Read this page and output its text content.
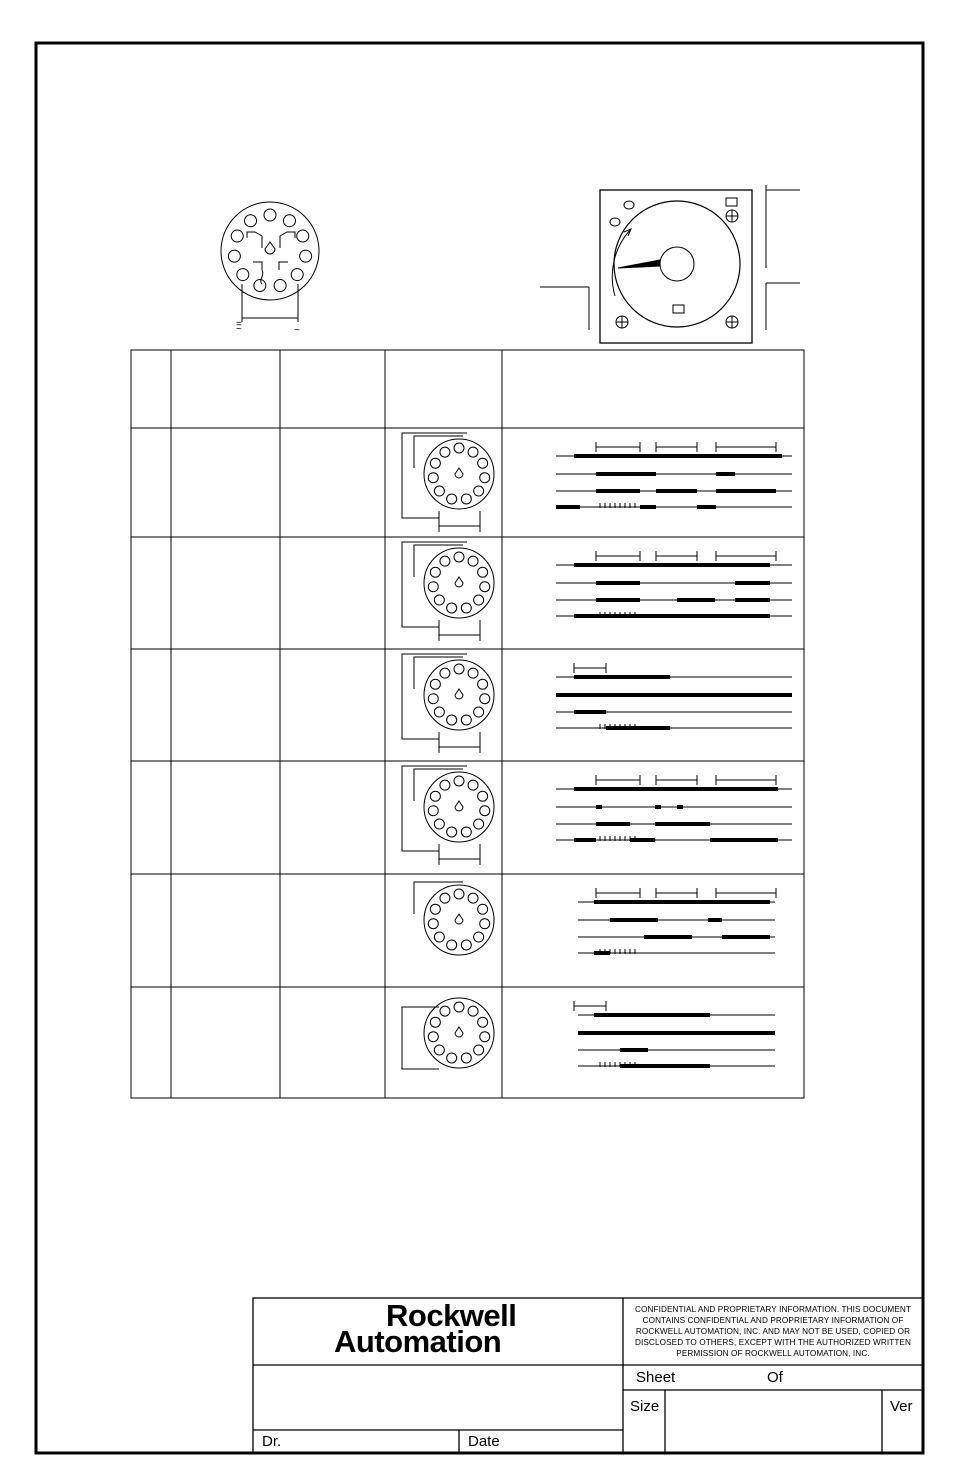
Rockwell
Automation
CONFIDENTIAL AND PROPRIETARY INFORMATION. THIS DOCUMENT CONTAINS CONFIDENTIAL AND PROPRIETARY INFORMATION OF ROCKWELL AUTOMATION, INC. AND MAY NOT BE USED, COPIED OR DISCLOSED TO OTHERS, EXCEPT WITH THE AUTHORIZED WRITTEN PERMISSION OF ROCKWELL AUTOMATION, INC.
Sheet	Of
Size	Ver
Dr.	Date
=
~	~
